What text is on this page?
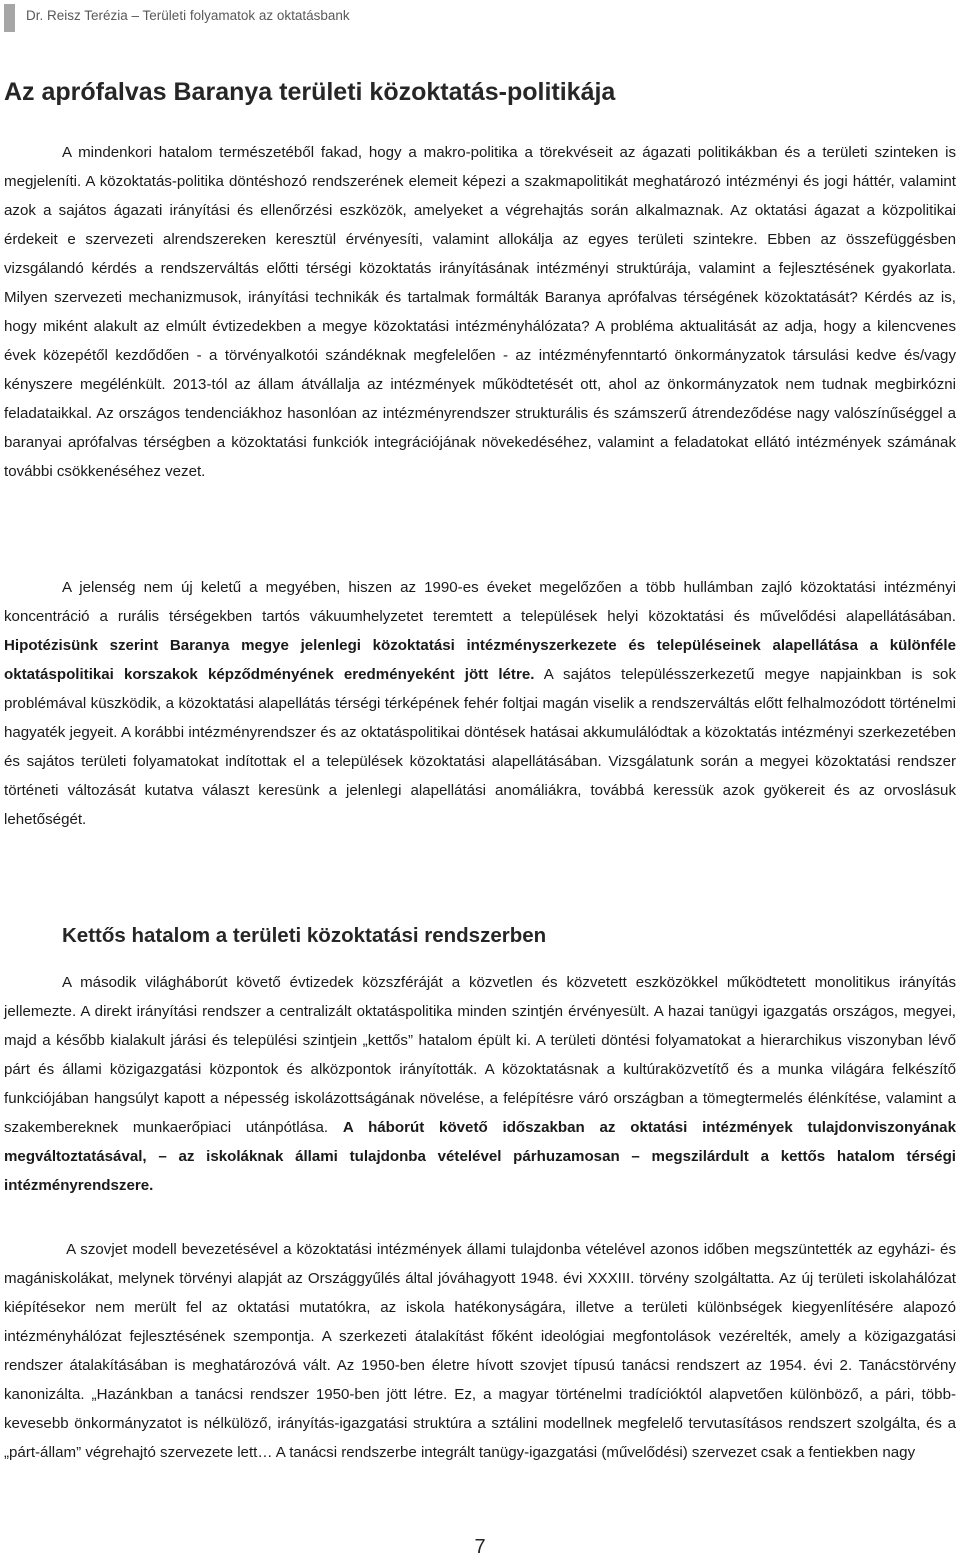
Dr. Reisz Terézia – Területi folyamatok az oktatásbank
Az aprófalvas Baranya területi közoktatás-politikája

A mindenkori hatalom természetéből fakad, hogy a makro-politika a törekvéseit az ágazati politikákban és a területi szinteken is megjeleníti. A közoktatás-politika döntéshozó rendszerének elemeit képezi a szakmapolitikát meghatározó intézményi és jogi háttér, valamint azok a sajátos ágazati irányítási és ellenőrzési eszközök, amelyeket a végrehajtás során alkalmaznak. Az oktatási ágazat a közpolitikai érdekeit e szervezeti alrendszereken keresztül érvényesíti, valamint allokálja az egyes területi szintekre. Ebben az összefüggésben vizsgálandó kérdés a rendszerváltás előtti térségi közoktatás irányításának intézményi struktúrája, valamint a fejlesztésének gyakorlata. Milyen szervezeti mechanizmusok, irányítási technikák és tartalmak formálták Baranya aprófalvas térségének közoktatását? Kérdés az is, hogy miként alakult az elmúlt évtizedekben a megye közoktatási intézményhálózata? A probléma aktualitását az adja, hogy a kilencvenes évek közepétől kezdődően - a törvényalkotói szándéknak megfelelően - az intézményfenntartó önkormányzatok társulási kedve és/vagy kényszere megélénkült. 2013-tól az állam átvállalja az intézmények működtetését ott, ahol az önkormányzatok nem tudnak megbirkózni feladataikkal. Az országos tendenciákhoz hasonlóan az intézményrendszer strukturális és számszerű átrendeződése nagy valószínűséggel a baranyai aprófalvas térségben a közoktatási funkciók integrációjának növekedéséhez, valamint a feladatokat ellátó intézmények számának további csökkenéséhez vezet.

A jelenség nem új keletű a megyében, hiszen az 1990-es éveket megelőzően a több hullámban zajló közoktatási intézményi koncentráció a rurális térségekben tartós vákuumhelyzetet teremtett a települések helyi közoktatási és művelődési alapellátásában. Hipotézisünk szerint Baranya megye jelenlegi közoktatási intézményszerkezete és településeinek alapellátása a különféle oktatáspolitikai korszakok képződményének eredményeként jött létre. A sajátos településszerkezetű megye napjainkban is sok problémával küszködik, a közoktatási alapellátás térségi térképének fehér foltjai magán viselik a rendszerváltás előtt felhalmozódott történelmi hagyaték jegyeit. A korábbi intézményrendszer és az oktatáspolitikai döntések hatásai akkumulálódtak a közoktatás intézményi szerkezetében és sajátos területi folyamatokat indítottak el a települések közoktatási alapellátásában. Vizsgálatunk során a megyei közoktatási rendszer történeti változását kutatva választ keresünk a jelenlegi alapellátási anomáliákra, továbbá keressük azok gyökereit és az orvoslásuk lehetőségét.

Kettős hatalom a területi közoktatási rendszerben

A második világháborút követő évtizedek közszféráját a közvetlen és közvetett eszközökkel működtetett monolitikus irányítás jellemezte. A direkt irányítási rendszer a centralizált oktatáspolitika minden szintjén érvényesült. A hazai tanügyi igazgatás országos, megyei, majd a később kialakult járási és települési szintjein „kettős” hatalom épült ki. A területi döntési folyamatokat a hierarchikus viszonyban lévő párt és állami közigazgatási központok és alközpontok irányították. A közoktatásnak a kultúraközvetítő és a munka világára felkészítő funkciójában hangsúlyt kapott a népesség iskolázottságának növelése, a felépítésre váró országban a tömegtermelés élénkítése, valamint a szakembereknek munkaerőpiaci utánpótlása. A háborút követő időszakban az oktatási intézmények tulajdonviszonyának megváltoztatásával, – az iskoláknak állami tulajdonba vételével párhuzamosan – megszilárdult a kettős hatalom térségi intézményrendszere.

A szovjet modell bevezetésével a közoktatási intézmények állami tulajdonba vételével azonos időben megszüntették az egyházi- és magániskolákat, melynek törvényi alapját az Országgyűlés által jóváhagyott 1948. évi XXXIII. törvény szolgáltatta. Az új területi iskolahálózat kiépítésekor nem merült fel az oktatási mutatókra, az iskola hatékonyságára, illetve a területi különbségek kiegyenlítésére alapozó intézményhálózat fejlesztésének szempontja. A szerkezeti átalakítást főként ideológiai megfontolások vezérelték, amely a közigazgatási rendszer átalakításában is meghatározóvá vált. Az 1950-ben életre hívott szovjet típusú tanácsi rendszert az 1954. évi 2. Tanácstörvény kanonizálta. „Hazánkban a tanácsi rendszer 1950-ben jött létre. Ez, a magyar történelmi tradícióktól alapvetően különböző, a pári, több-kevesebb önkormányzatot is nélkülöző, irányítás-igazgatási struktúra a sztálini modellnek megfelelő tervutasításos rendszert szolgálta, és a „párt-állam” végrehajtó szervezete lett… A tanácsi rendszerbe integrált tanügy-igazgatási (művelődési) szervezet csak a fentiekben nagy

7
